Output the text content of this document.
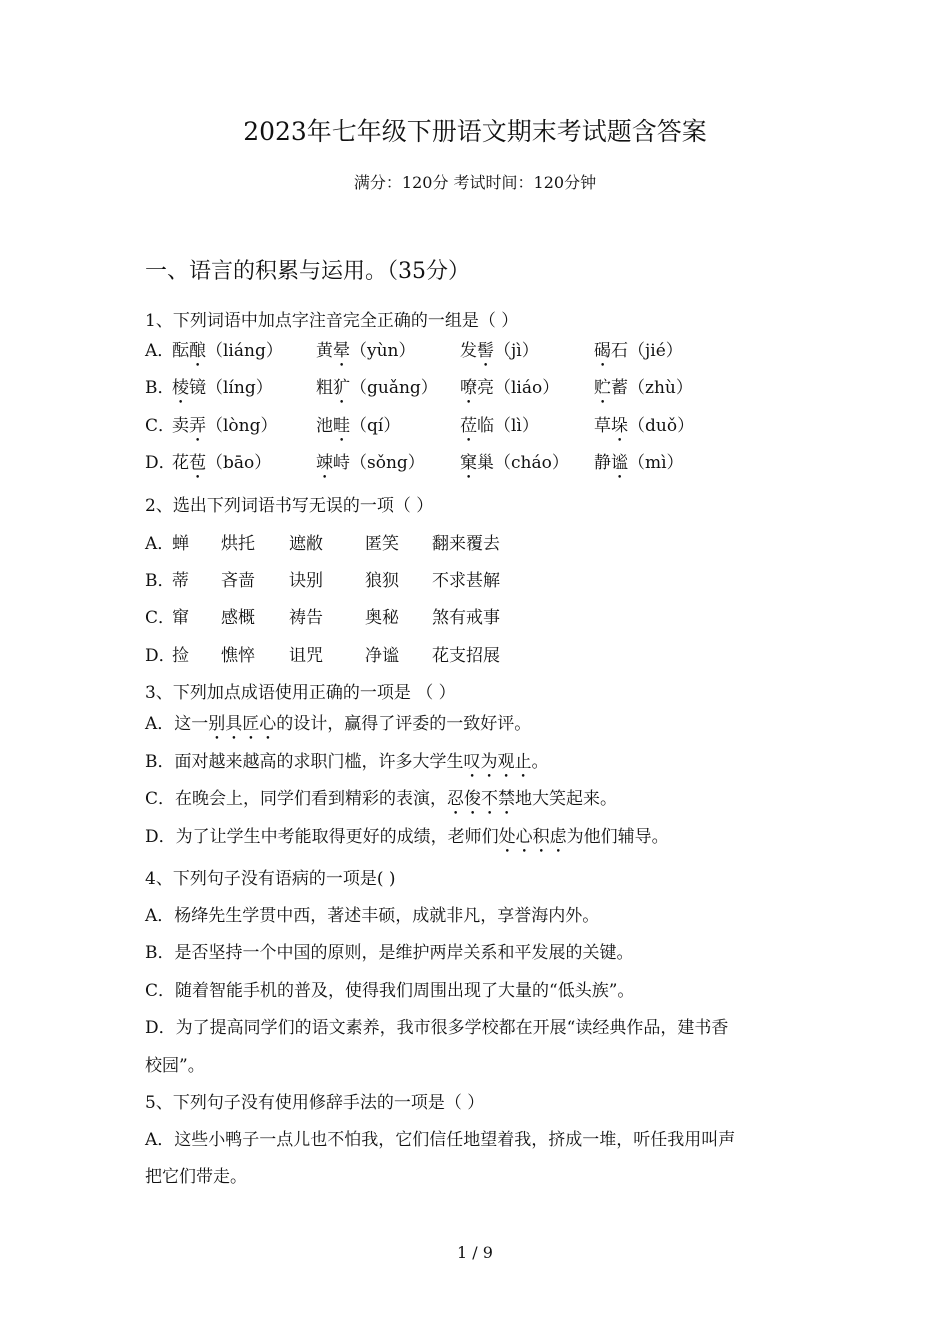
2023年七年级下册语文期末考试题含答案
满分：120分 考试时间：120分钟
一、语言的积累与运用。（35分）
1、下列词语中加点字注音完全正确的一组是（ ）
A．
酝酿（liáng） 黄晕（yùn）	发髻（jì）	碣石（jié）
B．
棱镜（líng）	粗犷（guǎng） 嘹亮（liáo） 贮蓄（zhù）
C．
卖弄（lòng） 池畦（qí）	莅临（lì）	草垛（duǒ）
D．
花苞（bāo）	竦峙（sǒng） 窠巢（cháo） 静谧（mì）
2、选出下列词语书写无误的一项（ ）
A．
蝉 烘托 遮敝 匿笑 翻来覆去
B．
蒂 吝啬 诀别 狼狈 不求甚解
C．
窜 感概 祷告 奥秘 煞有戒事
D．
捡 憔悴 诅咒 净谧 花支招展
3、下列加点成语使用正确的一项是 （ ）
A．这一别具匠心的设计，赢得了评委的一致好评。
B．面对越来越高的求职门槛，许多大学生叹为观止。
C．在晚会上，同学们看到精彩的表演，忍俊不禁地大笑起来。
D．为了让学生中考能取得更好的成绩，老师们处心积虑为他们辅导。
4、下列句子没有语病的一项是( )
A．杨绛先生学贯中西，著述丰硕，成就非凡，享誉海内外。
B．是否坚持一个中国的原则，是维护两岸关系和平发展的关键。
C．随着智能手机的普及，使得我们周围出现了大量的“低头族”。
D．为了提高同学们的语文素养，我市很多学校都在开展“读经典作品，建书香
校园”。
5、下列句子没有使用修辞手法的一项是（ ）
A．这些小鸭子一点儿也不怕我，它们信任地望着我，挤成一堆，听任我用叫声
把它们带走。
1 / 9
